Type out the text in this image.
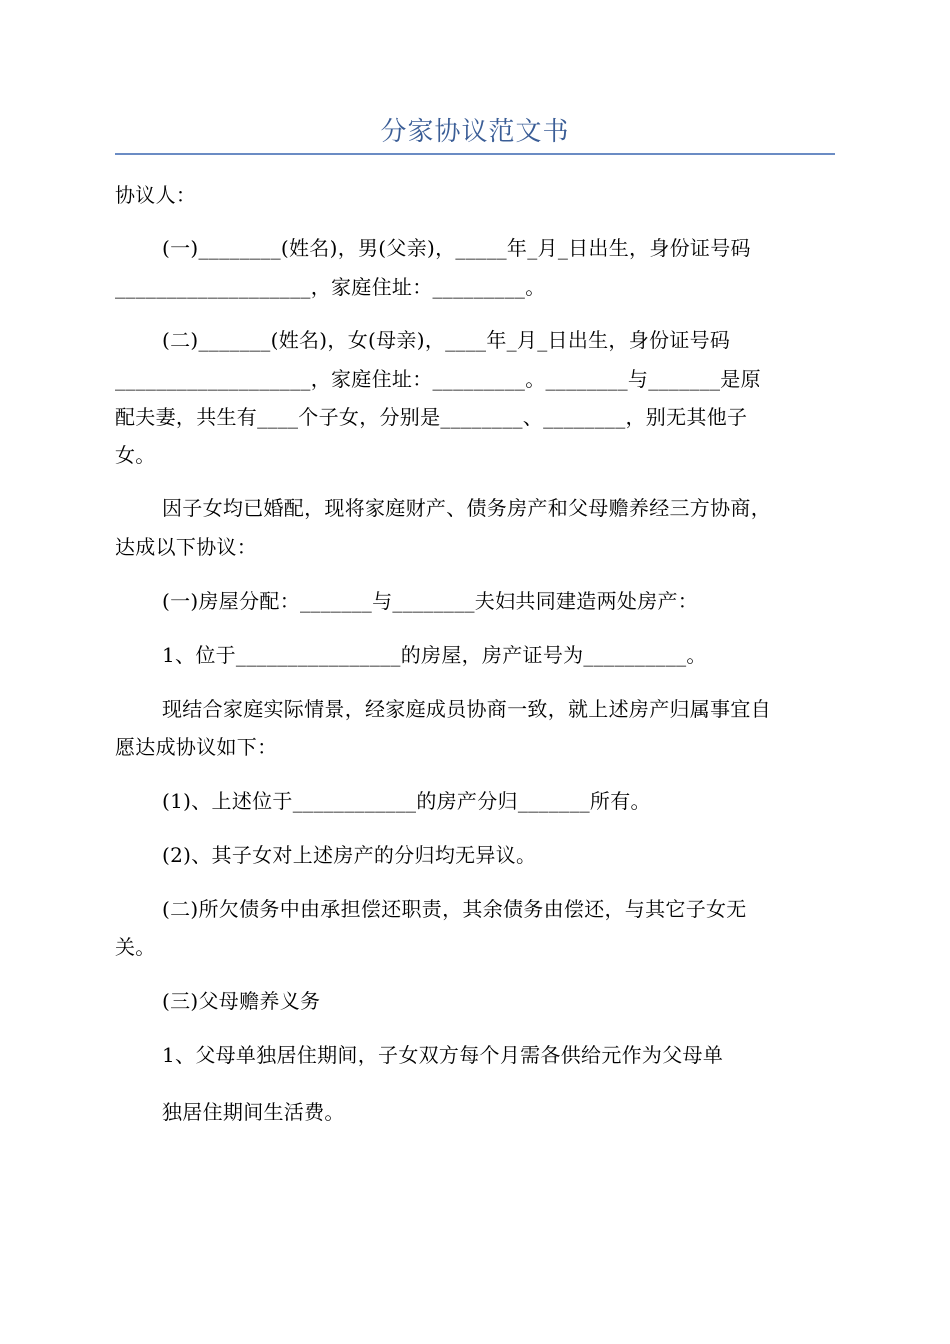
分家协议范文书
协议人：
(一)________(姓名)，男(父亲)，_____年_月_日出生，身份证号码
___________________，家庭住址：_________。
(二)_______(姓名)，女(母亲)，____年_月_日出生，身份证号码
___________________，家庭住址：_________。________与_______是原
配夫妻，共生有____个子女，分别是________、________，别无其他子
女。
因子女均已婚配，现将家庭财产、债务房产和父母赡养经三方协商，
达成以下协议：
(一)房屋分配：_______与________夫妇共同建造两处房产：
1、位于________________的房屋，房产证号为__________。
现结合家庭实际情景，经家庭成员协商一致，就上述房产归属事宜自
愿达成协议如下：
(1)、上述位于____________的房产分归_______所有。
(2)、其子女对上述房产的分归均无异议。
(二)所欠债务中由承担偿还职责，其余债务由偿还，与其它子女无
关。
(三)父母赡养义务
1、父母单独居住期间，子女双方每个月需各供给元作为父母单
独居住期间生活费。
